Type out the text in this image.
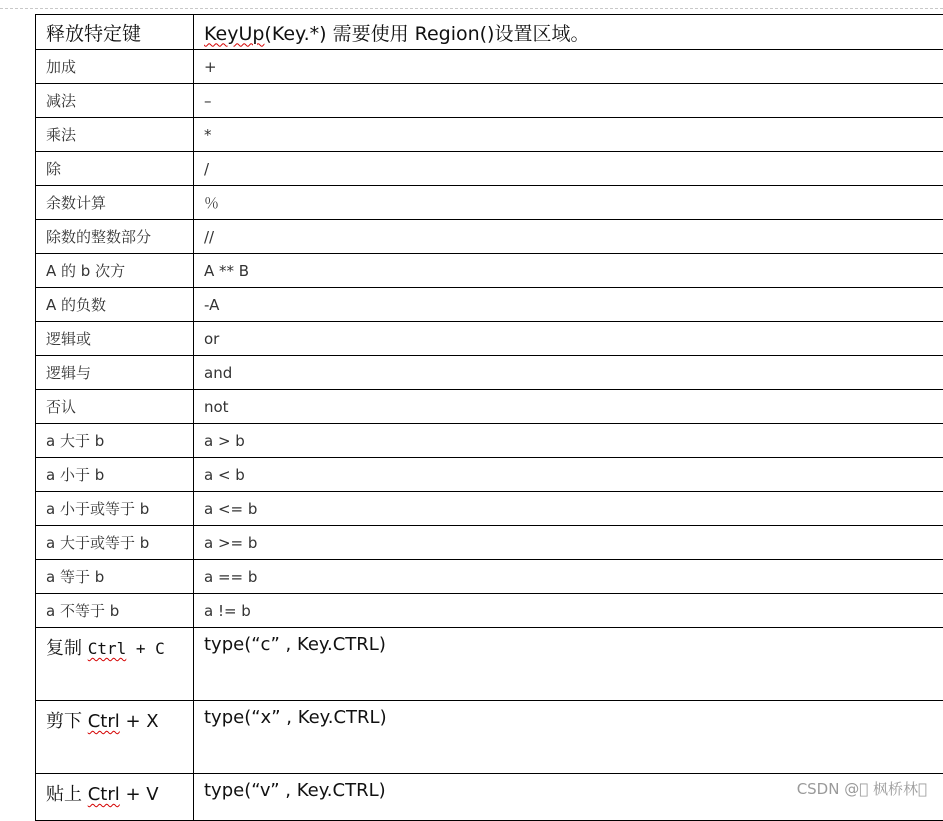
释放特定键	KeyUp(Key.*) 需要使用 Region()设置区域。
加成	+
减法	–
乘法	*
除	/
余数计算	％
除数的整数部分	//
A 的 b 次方	A ** B
A 的负数	-A
逻辑或	or
逻辑与	and
否认	not
a 大于 b	a > b
a 小于 b	a < b
a 小于或等于 b	a <= b
a 大于或等于 b	a >= b
a 等于 b	a == b
a 不等于 b	a != b
复制 Ctrl + C	type(“c” , Key.CTRL)
剪下 Ctrl + X	type(“x” , Key.CTRL)
贴上 Ctrl + V	type(“v” , Key.CTRL)	CSDN @  枫桥林 
